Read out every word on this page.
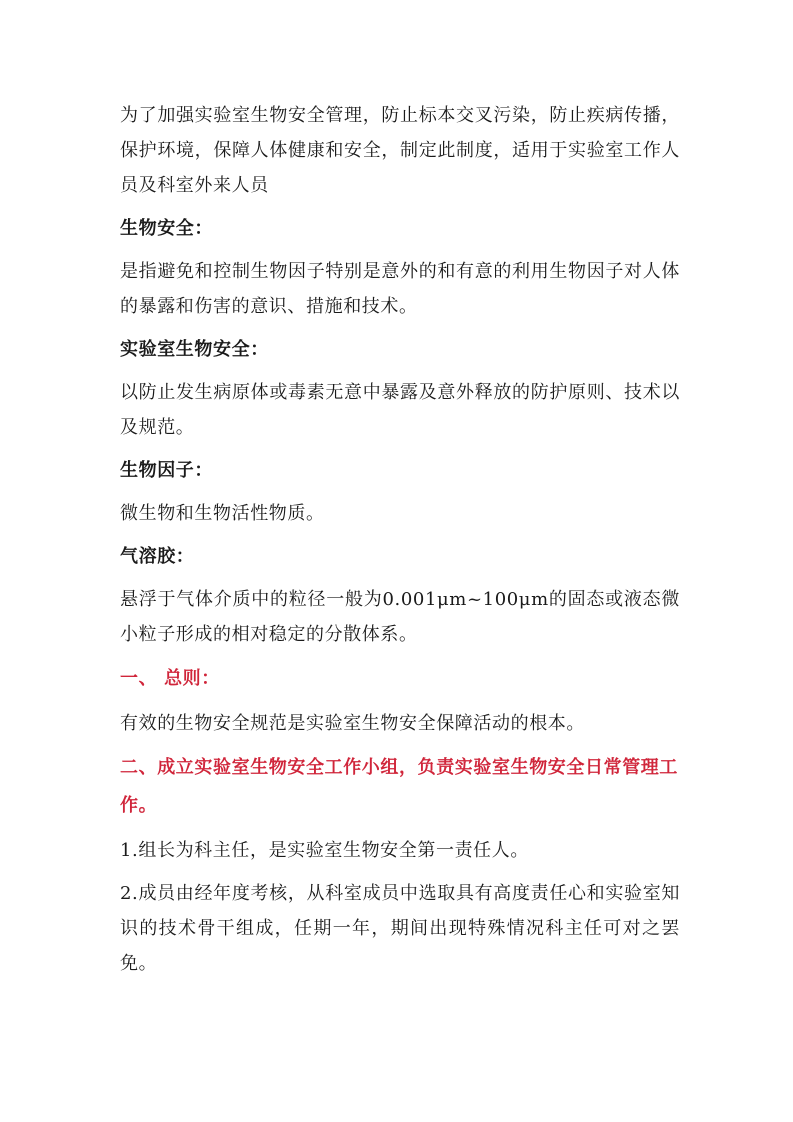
为了加强实验室生物安全管理，防止标本交叉污染，防止疾病传播，保护环境，保障人体健康和安全，制定此制度，适用于实验室工作人员及科室外来人员

生物安全：

是指避免和控制生物因子特别是意外的和有意的利用生物因子对人体的暴露和伤害的意识、措施和技术。

实验室生物安全：

以防止发生病原体或毒素无意中暴露及意外释放的防护原则、技术以及规范。

生物因子：

微生物和生物活性物质。

气溶胶：

悬浮于气体介质中的粒径一般为0.001μm~100μm的固态或液态微小粒子形成的相对稳定的分散体系。

一、 总则：

有效的生物安全规范是实验室生物安全保障活动的根本。

二、成立实验室生物安全工作小组，负责实验室生物安全日常管理工作。

1.组长为科主任，是实验室生物安全第一责任人。

2.成员由经年度考核，从科室成员中选取具有高度责任心和实验室知识的技术骨干组成，任期一年，期间出现特殊情况科主任可对之罢免。
